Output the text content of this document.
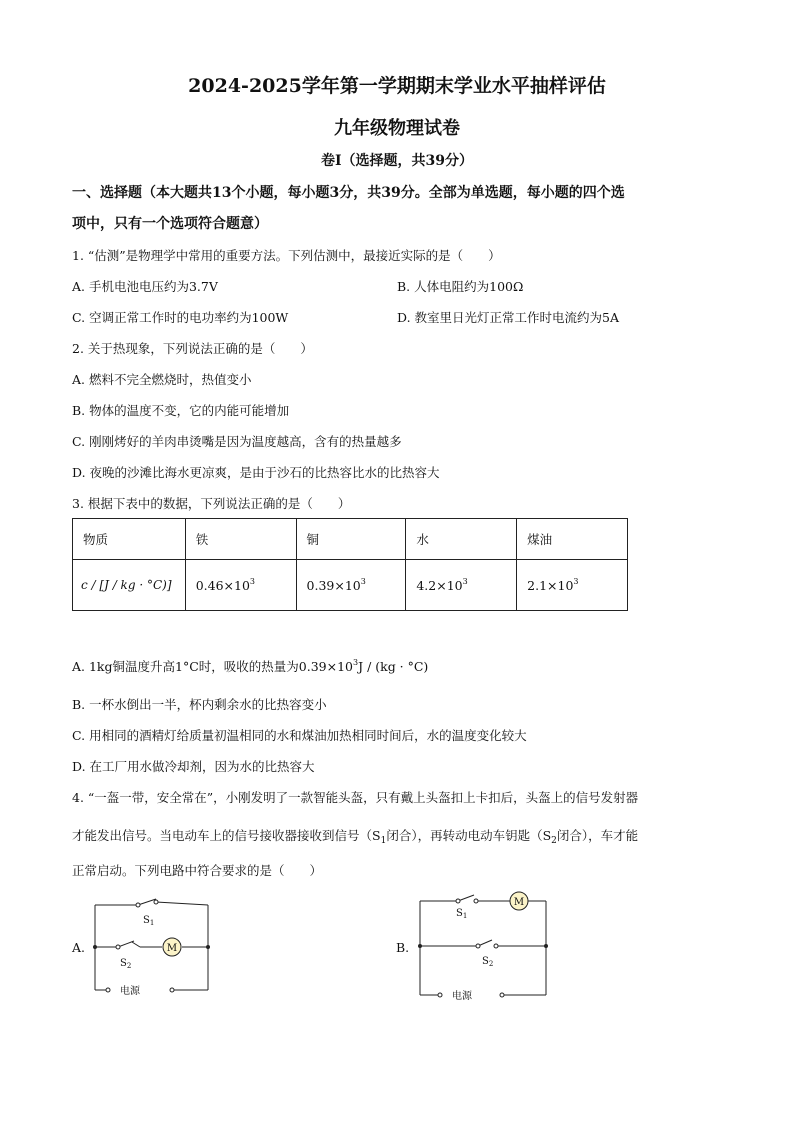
2024-2025学年第一学期期末学业水平抽样评估
九年级物理试卷
卷Ⅰ（选择题，共39分）
一、选择题（本大题共13个小题，每小题3分，共39分。全部为单选题，每小题的四个选
项中，只有一个选项符合题意）
1. “估测”是物理学中常用的重要方法。下列估测中，最接近实际的是（　　）
A. 手机电池电压约为3.7V	B. 人体电阻约为100Ω
C. 空调正常工作时的电功率约为100W	D. 教室里日光灯正常工作时电流约为5A
2. 关于热现象，下列说法正确的是（　　）
A. 燃料不完全燃烧时，热值变小
B. 物体的温度不变，它的内能可能增加
C. 刚刚烤好的羊肉串烫嘴是因为温度越高，含有的热量越多
D. 夜晚的沙滩比海水更凉爽，是由于沙石的比热容比水的比热容大
3. 根据下表中的数据，下列说法正确的是（　　）
物质	铁	铜	水	煤油
c / [J / kg · °C)]	$0.46\times 10^3$	$0.39\times 10^3$	$4.2\times 10^3$	$2.1\times 10^3$
A. 1kg铜温度升高1°C时，吸收的热量为$0.39\times 10^3J / (kg \cdot ^\circ C)$
B. 一杯水倒出一半，杯内剩余水的比热容变小
C. 用相同的酒精灯给质量初温相同的水和煤油加热相同时间后，水的温度变化较大
D. 在工厂用水做冷却剂，因为水的比热容大
4. “一盔一带，安全常在”，小刚发明了一款智能头盔，只有戴上头盔扣上卡扣后，头盔上的信号发射器
才能发出信号。当电动车上的信号接收器接收到信号（$S_1$闭合），再转动电动车钥匙（$S_2$闭合），车才能
正常启动。下列电路中符合要求的是（　　）
A.	M
$S_1$
$S_2$
电源
B.
M
$S_1$
$S_2$
电源
